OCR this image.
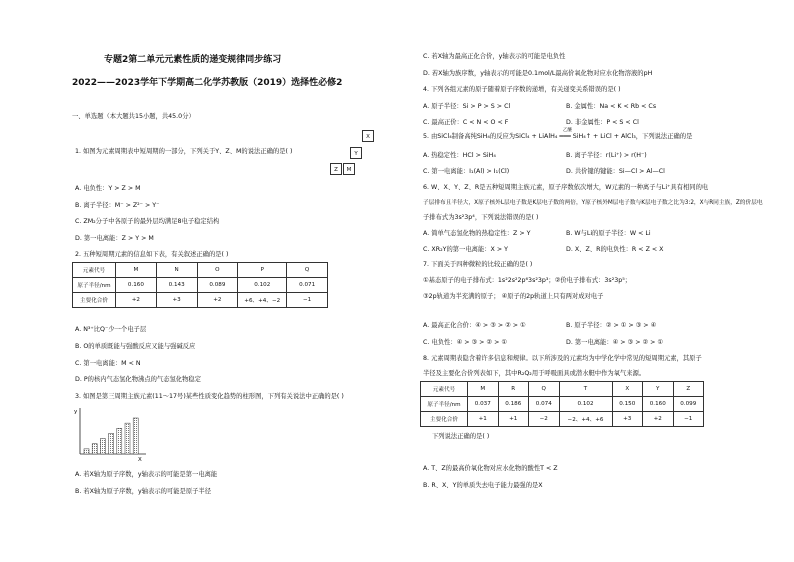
专题2第二单元元素性质的递变规律同步练习
2022——2023学年下学期高二化学苏教版（2019）选择性必修2
一、单选题（本大题共15小题，共45.0分）
X
Y
Z	M
1. 如图为元素周期表中短周期的一部分，下列关于Y、Z、M的说法正确的是( )
A. 电负性：Y > Z > M
B. 离子半径：M⁻ > Z²⁻ > Y⁻
C. ZM₂分子中各原子的最外层均满足8电子稳定结构
D. 第一电离能：Z > Y > M
2. 五种短周期元素的信息如下表，有关叙述正确的是( )
元素代号	M	N	O	P	Q
原子半径/nm	0.160	0.143	0.089	0.102	0.071
主要化合价	+2	+3	+2	+6、+4、−2	−1
A. N³⁺比Q⁻少一个电子层
B. O的单质既能与强酸反应又能与强碱反应
C. 第一电离能：M < N
D. P的核内气态氢化物沸点的气态氢化物稳定
3. 如图是第三周期主族元素(11～17号)某些性质变化趋势的柱形图，下列有关说法中正确的是( )
y
X
A. 若X轴为原子序数，y轴表示的可能是第一电离能
B. 若X轴为原子序数，y轴表示的可能是原子半径
C. 若X轴为最高正化合价，y轴表示的可能是电负性
D. 若X轴为族序数，y轴表示的可能是0.1mol/L最高价氧化物对应水化物溶液的pH
4. 下列各组元素的原子随着原子序数的递增，有关递变关系错误的是( )
A. 原子半径：Si > P > S > Cl	B. 金属性：Na < K < Rb < Cs
C. 最高正价：C < N < O < F	D. 非金属性：P < S < Cl
5. 由SiCl₄制备高纯SiH₄的反应为SiCl₄ + LiAlH₄ ═══ SiH₄↑ + LiCl + AlCl₃，下列说法正确的是
乙醚
A. 热稳定性：HCl > SiH₄	B. 离子半径：r(Li⁺) > r(H⁻)
C. 第一电离能：I₁(Al) > I₁(Cl)	D. 共价键的键能：Si—Cl > Al—Cl
6. W、X、Y、Z、R是五种短周期主族元素，原子序数依次增大，W元素的一种离子与Li⁺具有相同的电
子层排布且半径大，X原子核外L层电子数是K层电子数的两倍，Y原子核外M层电子数与K层电子数之比为3:2，X与R同主族，Z的价层电
子排布式为3s²3p⁴，下列说法错误的是( )
A. 简单气态氢化物的热稳定性：Z > Y	B. W与Li的原子半径：W < Li
C. XR₂Y的第一电离能：X > Y	D. X、Z、R的电负性：R < Z < X
7. 下面关于四种微粒的比较正确的是( )
①基态原子的电子排布式：1s²2s²2p⁶3s²3p³；②价电子排布式：3s²3p⁵；
③2p轨道为半充满的原子； ④原子的2p轨道上只有两对成对电子
A. 最高正化合价：④ > ③ > ② > ①	B. 原子半径：② > ① > ③ > ④
C. 电负性：④ > ③ > ② > ①	D. 第一电离能：④ > ③ > ② > ①
8. 元素周期表隐含着许多信息和规律。以下所涉及的元素均为中学化学中常见的短周期元素，其原子
半径及主要化合价列表如下，其中R₂Q₂用于呼吸面具或潜水艇中作为氧气来源。
元素代号	M	R	Q	T	X	Y	Z
原子半径/nm	0.037	0.186	0.074	0.102	0.150	0.160	0.099
主要化合价	+1	+1	−2	−2、+4、+6	+3	+2	−1
下列说法正确的是( )
A. T、Z的最高价氧化物对应水化物的酸性T < Z
B. R、X、Y的单质失去电子能力最强的是X
